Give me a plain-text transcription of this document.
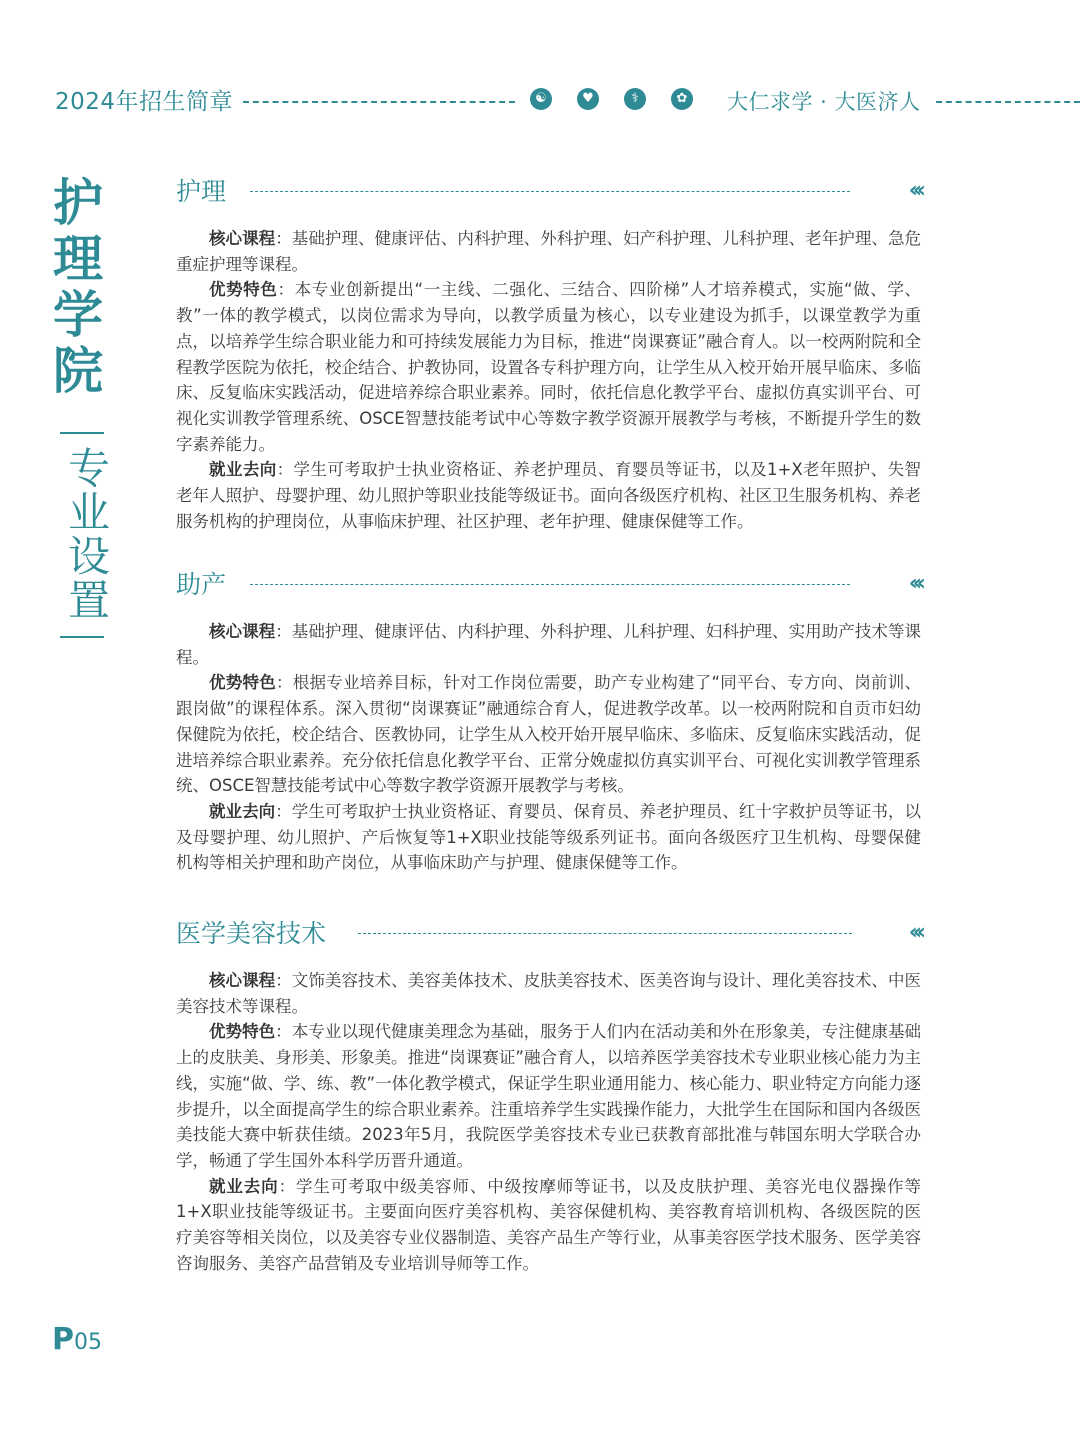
2024年招生简章	☯	♥	⚕	✿ 大仁求学 · 大医济人
护理学院
专业设置
护理	‹‹‹

核心课程：基础护理、健康评估、内科护理、外科护理、妇产科护理、儿科护理、老年护理、急危重症护理等课程。

优势特色：本专业创新提出“一主线、二强化、三结合、四阶梯”人才培养模式，实施“做、学、教”一体的教学模式，以岗位需求为导向，以教学质量为核心，以专业建设为抓手，以课堂教学为重点，以培养学生综合职业能力和可持续发展能力为目标，推进“岗课赛证”融合育人。以一校两附院和全程教学医院为依托，校企结合、护教协同，设置各专科护理方向，让学生从入校开始开展早临床、多临床、反复临床实践活动，促进培养综合职业素养。同时，依托信息化教学平台、虚拟仿真实训平台、可视化实训教学管理系统、OSCE智慧技能考试中心等数字教学资源开展教学与考核，不断提升学生的数字素养能力。

就业去向：学生可考取护士执业资格证、养老护理员、育婴员等证书，以及1+X老年照护、失智老年人照护、母婴护理、幼儿照护等职业技能等级证书。面向各级医疗机构、社区卫生服务机构、养老服务机构的护理岗位，从事临床护理、社区护理、老年护理、健康保健等工作。

助产	‹‹‹

核心课程：基础护理、健康评估、内科护理、外科护理、儿科护理、妇科护理、实用助产技术等课程。

优势特色：根据专业培养目标，针对工作岗位需要，助产专业构建了“同平台、专方向、岗前训、跟岗做”的课程体系。深入贯彻“岗课赛证”融通综合育人，促进教学改革。以一校两附院和自贡市妇幼保健院为依托，校企结合、医教协同，让学生从入校开始开展早临床、多临床、反复临床实践活动，促进培养综合职业素养。充分依托信息化教学平台、正常分娩虚拟仿真实训平台、可视化实训教学管理系统、OSCE智慧技能考试中心等数字教学资源开展教学与考核。

就业去向：学生可考取护士执业资格证、育婴员、保育员、养老护理员、红十字救护员等证书，以及母婴护理、幼儿照护、产后恢复等1+X职业技能等级系列证书。面向各级医疗卫生机构、母婴保健机构等相关护理和助产岗位，从事临床助产与护理、健康保健等工作。

医学美容技术	‹‹‹

核心课程：文饰美容技术、美容美体技术、皮肤美容技术、医美咨询与设计、理化美容技术、中医美容技术等课程。

优势特色：本专业以现代健康美理念为基础，服务于人们内在活动美和外在形象美，专注健康基础上的皮肤美、身形美、形象美。推进“岗课赛证”融合育人，以培养医学美容技术专业职业核心能力为主线，实施“做、学、练、教”一体化教学模式，保证学生职业通用能力、核心能力、职业特定方向能力逐步提升，以全面提高学生的综合职业素养。注重培养学生实践操作能力，大批学生在国际和国内各级医美技能大赛中斩获佳绩。2023年5月，我院医学美容技术专业已获教育部批准与韩国东明大学联合办学，畅通了学生国外本科学历晋升通道。

就业去向：学生可考取中级美容师、中级按摩师等证书，以及皮肤护理、美容光电仪器操作等1+X职业技能等级证书。主要面向医疗美容机构、美容保健机构、美容教育培训机构、各级医院的医疗美容等相关岗位，以及美容专业仪器制造、美容产品生产等行业，从事美容医学技术服务、医学美容咨询服务、美容产品营销及专业培训导师等工作。

P05
